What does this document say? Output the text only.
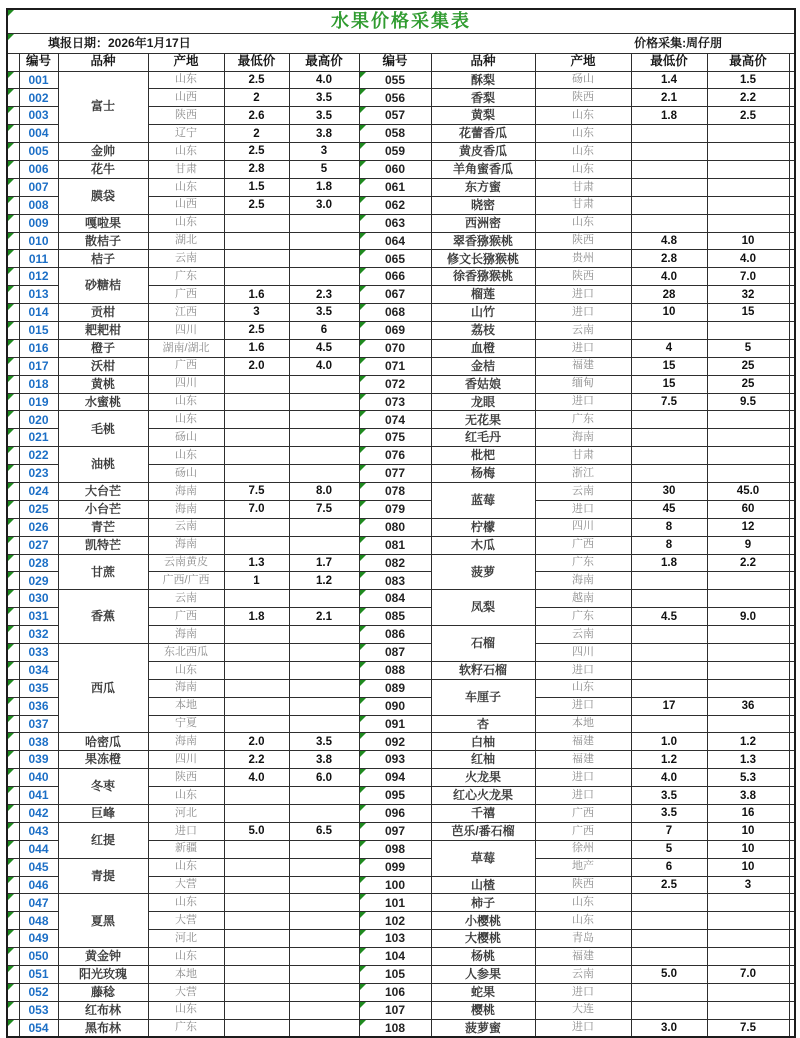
水果价格采集表											

填报日期：2026年1月17日 价格采集:周仔朋											

	编号	品种	产地	最低价	最高价	编号	品种	产地	最低价	最高价	

	001	富士	山东	2.5	4.0	055	酥梨	砀山	1.4	1.5	

	002		山西	2	3.5	056	香梨	陕西	2.1	2.2	

	003		陕西	2.6	3.5	057	黄梨	山东	1.8	2.5	

	004		辽宁	2	3.8	058	花蕾香瓜	山东			

	005	金帅	山东	2.5	3	059	黄皮香瓜	山东			

	006	花牛	甘肃	2.8	5	060	羊角蜜香瓜	山东			

	007	膜袋	山东	1.5	1.8	061	东方蜜	甘肃			

	008		山西	2.5	3.0	062	晓密	甘肃			

	009	嘎啦果	山东			063	西洲密	山东			

	010	散桔子	湖北			064	翠香猕猴桃	陕西	4.8	10	

	011	桔子	云南			065	修文长猕猴桃	贵州	2.8	4.0	

	012	砂糖桔	广东			066	徐香猕猴桃	陕西	4.0	7.0	

	013		广西	1.6	2.3	067	榴莲	进口	28	32	

	014	贡柑	江西	3	3.5	068	山竹	进口	10	15	

	015	耙耙柑	四川	2.5	6	069	荔枝	云南			

	016	橙子	湖南/湖北	1.6	4.5	070	血橙	进口	4	5	

	017	沃柑	广西	2.0	4.0	071	金桔	福建	15	25	

	018	黄桃	四川			072	香姑娘	缅甸	15	25	

	019	水蜜桃	山东			073	龙眼	进口	7.5	9.5	

	020	毛桃	山东			074	无花果	广东			

	021		砀山			075	红毛丹	海南			

	022	油桃	山东			076	枇杷	甘肃			

	023		砀山			077	杨梅	浙江			

	024	大台芒	海南	7.5	8.0	078	蓝莓	云南	30	45.0	

	025	小台芒	海南	7.0	7.5	079		进口	45	60	

	026	青芒	云南			080	柠檬	四川	8	12	

	027	凯特芒	海南			081	木瓜	广西	8	9	

	028	甘蔗	云南黄皮	1.3	1.7	082	菠萝	广东	1.8	2.2	

	029		广西/广西	1	1.2	083		海南			

	030	香蕉	云南			084	凤梨	越南			

	031		广西	1.8	2.1	085		广东	4.5	9.0	

	032		海南			086	石榴	云南			

	033	西瓜	东北西瓜			087		四川			

	034		山东			088	软籽石榴	进口			

	035		海南			089	车厘子	山东			

	036		本地			090		进口	17	36	

	037		宁夏			091	杏	本地			

	038	哈密瓜	海南	2.0	3.5	092	白柚	福建	1.0	1.2	

	039	果冻橙	四川	2.2	3.8	093	红柚	福建	1.2	1.3	

	040	冬枣	陕西	4.0	6.0	094	火龙果	进口	4.0	5.3	

	041		山东			095	红心火龙果	进口	3.5	3.8	

	042	巨峰	河北			096	千禧	广西	3.5	16	

	043	红提	进口	5.0	6.5	097	芭乐/番石榴	广西	7	10	

	044		新疆			098	草莓	徐州	5	10	

	045	青提	山东			099		地产	6	10	

	046		大营			100	山楂	陕西	2.5	3	

	047	夏黑	山东			101	柿子	山东			

	048		大营			102	小樱桃	山东			

	049		河北			103	大樱桃	青岛			

	050	黄金钟	山东			104	杨桃	福建			

	051	阳光玫瑰	本地			105	人参果	云南	5.0	7.0	

	052	藤稔	大营			106	蛇果	进口			

	053	红布林	山东			107	樱桃	大连			

	054	黑布林	广东			108	菠萝蜜	进口	3.0	7.5	
